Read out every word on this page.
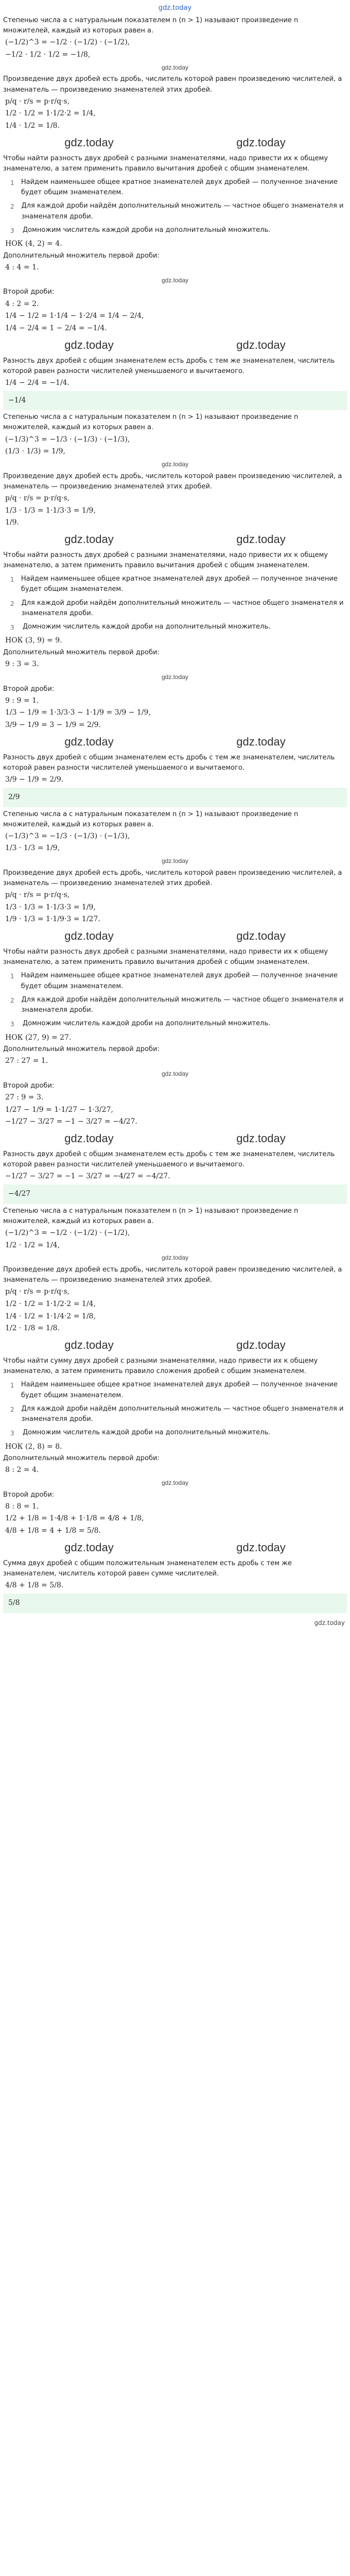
gdz.today
Степенью числа a с натуральным показателем n (n > 1) называют произведение n множителей, каждый из которых равен a.
(−1/2)^3 = −1/2 · (−1/2) · (−1/2),
−1/2 · 1/2 · 1/2 = −1/8,
gdz.today
Произведение двух дробей есть дробь, числитель которой равен произведению числителей, а знаменатель — произведению знаменателей этих дробей.
p/q · r/s = p·r/q·s,
1/2 · 1/2 = 1·1/2·2 = 1/4,
1/4 · 1/2 = 1/8.
gdz.today	gdz.today
Чтобы найти разность двух дробей с разными знаменателями, надо привести их к общему знаменателю, а затем применить правило вычитания дробей с общим знаменателем.
1 Найдем наименьшее общее кратное знаменателей двух дробей — полученное значение будет общим знаменателем.
2 Для каждой дроби найдём дополнительный множитель — частное общего знаменателя и знаменателя дроби.
3	Домножим числитель каждой дроби на дополнительный множитель.
НОК (4, 2) = 4.
Дополнительный множитель первой дроби:
4 : 4 = 1.
gdz.today
Второй дроби:
4 : 2 = 2.
1/4 − 1/2 = 1·1/4 − 1·2/4 = 1/4 − 2/4,
1/4 − 2/4 = 1 − 2/4 = −1/4.
gdz.today	gdz.today
Разность двух дробей с общим знаменателем есть дробь с тем же знаменателем, числитель которой равен разности числителей уменьшаемого и вычитаемого.
1/4 − 2/4 = −1/4.
−1/4
Степенью числа a с натуральным показателем n (n > 1) называют произведение n множителей, каждый из которых равен a.
(−1/3)^3 = −1/3 · (−1/3) · (−1/3),
(1/3 · 1/3) = 1/9,
gdz.today
Произведение двух дробей есть дробь, числитель которой равен произведению числителей, а знаменатель — произведению знаменателей этих дробей.
p/q · r/s = p·r/q·s,
1/3 · 1/3 = 1·1/3·3 = 1/9,
1/9.
gdz.today	gdz.today
Чтобы найти разность двух дробей с разными знаменателями, надо привести их к общему знаменателю, а затем применить правило вычитания дробей с общим знаменателем.
1 Найдем наименьшее общее кратное знаменателей двух дробей — полученное значение будет общим знаменателем.
2 Для каждой дроби найдём дополнительный множитель — частное общего знаменателя и знаменателя дроби.
3	Домножим числитель каждой дроби на дополнительный множитель.
НОК (3, 9) = 9.
Дополнительный множитель первой дроби:
9 : 3 = 3.
gdz.today
Второй дроби:
9 : 9 = 1.
1/3 − 1/9 = 1·3/3·3 − 1·1/9 = 3/9 − 1/9,
3/9 − 1/9 = 3 − 1/9 = 2/9.
gdz.today	gdz.today
Разность двух дробей с общим знаменателем есть дробь с тем же знаменателем, числитель которой равен разности числителей уменьшаемого и вычитаемого.
3/9 − 1/9 = 2/9.
2/9
Степенью числа a с натуральным показателем n (n > 1) называют произведение n множителей, каждый из которых равен a.
(−1/3)^3 = −1/3 · (−1/3) · (−1/3),
1/3 · 1/3 = 1/9,
gdz.today
Произведение двух дробей есть дробь, числитель которой равен произведению числителей, а знаменатель — произведению знаменателей этих дробей.
p/q · r/s = p·r/q·s,
1/3 · 1/3 = 1·1/3·3 = 1/9,
1/9 · 1/3 = 1·1/9·3 = 1/27.
gdz.today	gdz.today
Чтобы найти разность двух дробей с разными знаменателями, надо привести их к общему знаменателю, а затем применить правило вычитания дробей с общим знаменателем.
1 Найдем наименьшее общее кратное знаменателей двух дробей — полученное значение будет общим знаменателем.
2 Для каждой дроби найдём дополнительный множитель — частное общего знаменателя и знаменателя дроби.
3	Домножим числитель каждой дроби на дополнительный множитель.
НОК (27, 9) = 27.
Дополнительный множитель первой дроби:
27 : 27 = 1.
gdz.today
Второй дроби:
27 : 9 = 3.
1/27 − 1/9 = 1·1/27 − 1·3/27,
−1/27 − 3/27 = −1 − 3/27 = −4/27.
gdz.today	gdz.today
Разность двух дробей с общим знаменателем есть дробь с тем же знаменателем, числитель которой равен разности числителей уменьшаемого и вычитаемого.
−1/27 − 3/27 = −1 − 3/27 = −4/27 = −4/27.
−4/27
Степенью числа a с натуральным показателем n (n > 1) называют произведение n множителей, каждый из которых равен a.
(−1/2)^3 = −1/2 · (−1/2) · (−1/2),
1/2 · 1/2 = 1/4,
gdz.today
Произведение двух дробей есть дробь, числитель которой равен произведению числителей, а знаменатель — произведению знаменателей этих дробей.
p/q · r/s = p·r/q·s,
1/2 · 1/2 = 1·1/2·2 = 1/4,
1/4 · 1/2 = 1·1/4·2 = 1/8,
1/2 · 1/8 = 1/8.
gdz.today	gdz.today
Чтобы найти сумму двух дробей с разными знаменателями, надо привести их к общему знаменателю, а затем применить правило сложения дробей с общим знаменателем.
1 Найдем наименьшее общее кратное знаменателей двух дробей — полученное значение будет общим знаменателем.
2 Для каждой дроби найдём дополнительный множитель — частное общего знаменателя и знаменателя дроби.
3	Домножим числитель каждой дроби на дополнительный множитель.
НОК (2, 8) = 8.
Дополнительный множитель первой дроби:
8 : 2 = 4.
gdz.today
Второй дроби:
8 : 8 = 1.
1/2 + 1/8 = 1·4/8 + 1·1/8 = 4/8 + 1/8,
4/8 + 1/8 = 4 + 1/8 = 5/8.
gdz.today	gdz.today
Сумма двух дробей с общим положительным знаменателем есть дробь с тем же знаменателем, числитель которой равен сумме числителей.
4/8 + 1/8 = 5/8.
5/8
gdz.today
